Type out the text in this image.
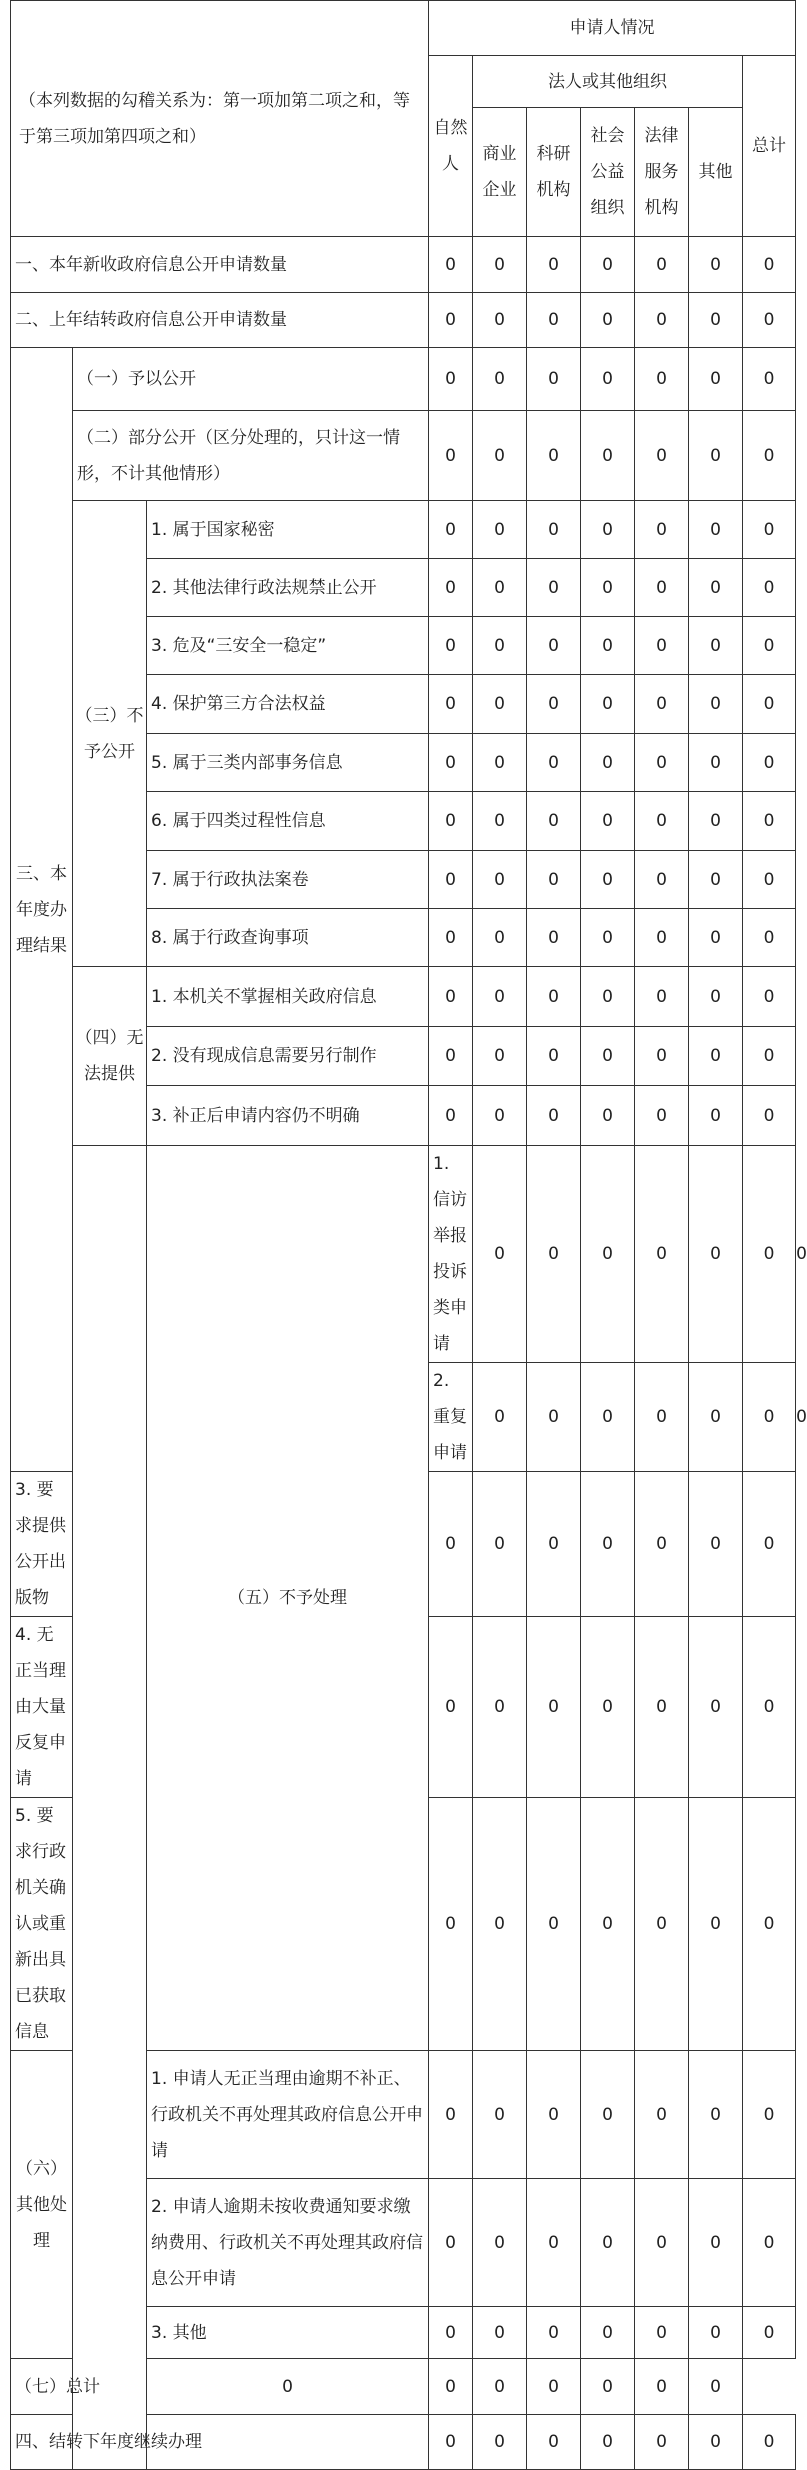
（本列数据的勾稽关系为：第一项加第二项之和，等于第三项加第四项之和）			申请人情况							
			自然人	法人或其他组织					总计	
				商业企业	科研机构	社会公益组织	法律服务机构	其他		
一、本年新收政府信息公开申请数量			0	0	0	0	0	0	0	
二、上年结转政府信息公开申请数量			0	0	0	0	0	0	0	
三、本年度办理结果	（一）予以公开		0	0	0	0	0	0	0	
	（二）部分公开（区分处理的，只计这一情形，不计其他情形）		0	0	0	0	0	0	0	
	（三）不予公开	1. 属于国家秘密	0	0	0	0	0	0	0	
		2. 其他法律行政法规禁止公开	0	0	0	0	0	0	0	
		3. 危及“三安全一稳定”	0	0	0	0	0	0	0	
		4. 保护第三方合法权益	0	0	0	0	0	0	0	
		5. 属于三类内部事务信息	0	0	0	0	0	0	0	
		6. 属于四类过程性信息	0	0	0	0	0	0	0	
		7. 属于行政执法案卷	0	0	0	0	0	0	0	
		8. 属于行政查询事项	0	0	0	0	0	0	0	
	（四）无法提供	1. 本机关不掌握相关政府信息	0	0	0	0	0	0	0	
		2. 没有现成信息需要另行制作	0	0	0	0	0	0	0	
		3. 补正后申请内容仍不明确	0	0	0	0	0	0	0	
		（五）不予处理	1. 信访举报投诉类申请	0	0	0	0	0	0	0
			2. 重复申请	0	0	0	0	0	0	0
3. 要求提供公开出版物			0	0	0	0	0	0	0	
4. 无正当理由大量反复申请			0	0	0	0	0	0	0	
5. 要求行政机关确认或重新出具已获取信息			0	0	0	0	0	0	0	
（六）其他处理		1. 申请人无正当理由逾期不补正、行政机关不再处理其政府信息公开申请	0	0	0	0	0	0	0	
		2. 申请人逾期未按收费通知要求缴纳费用、行政机关不再处理其政府信息公开申请	0	0	0	0	0	0	0	
		3. 其他	0	0	0	0	0	0	0	
（七）总计		0	0	0	0	0	0	0		
四、结转下年度继续办理			0	0	0	0	0	0	0	
